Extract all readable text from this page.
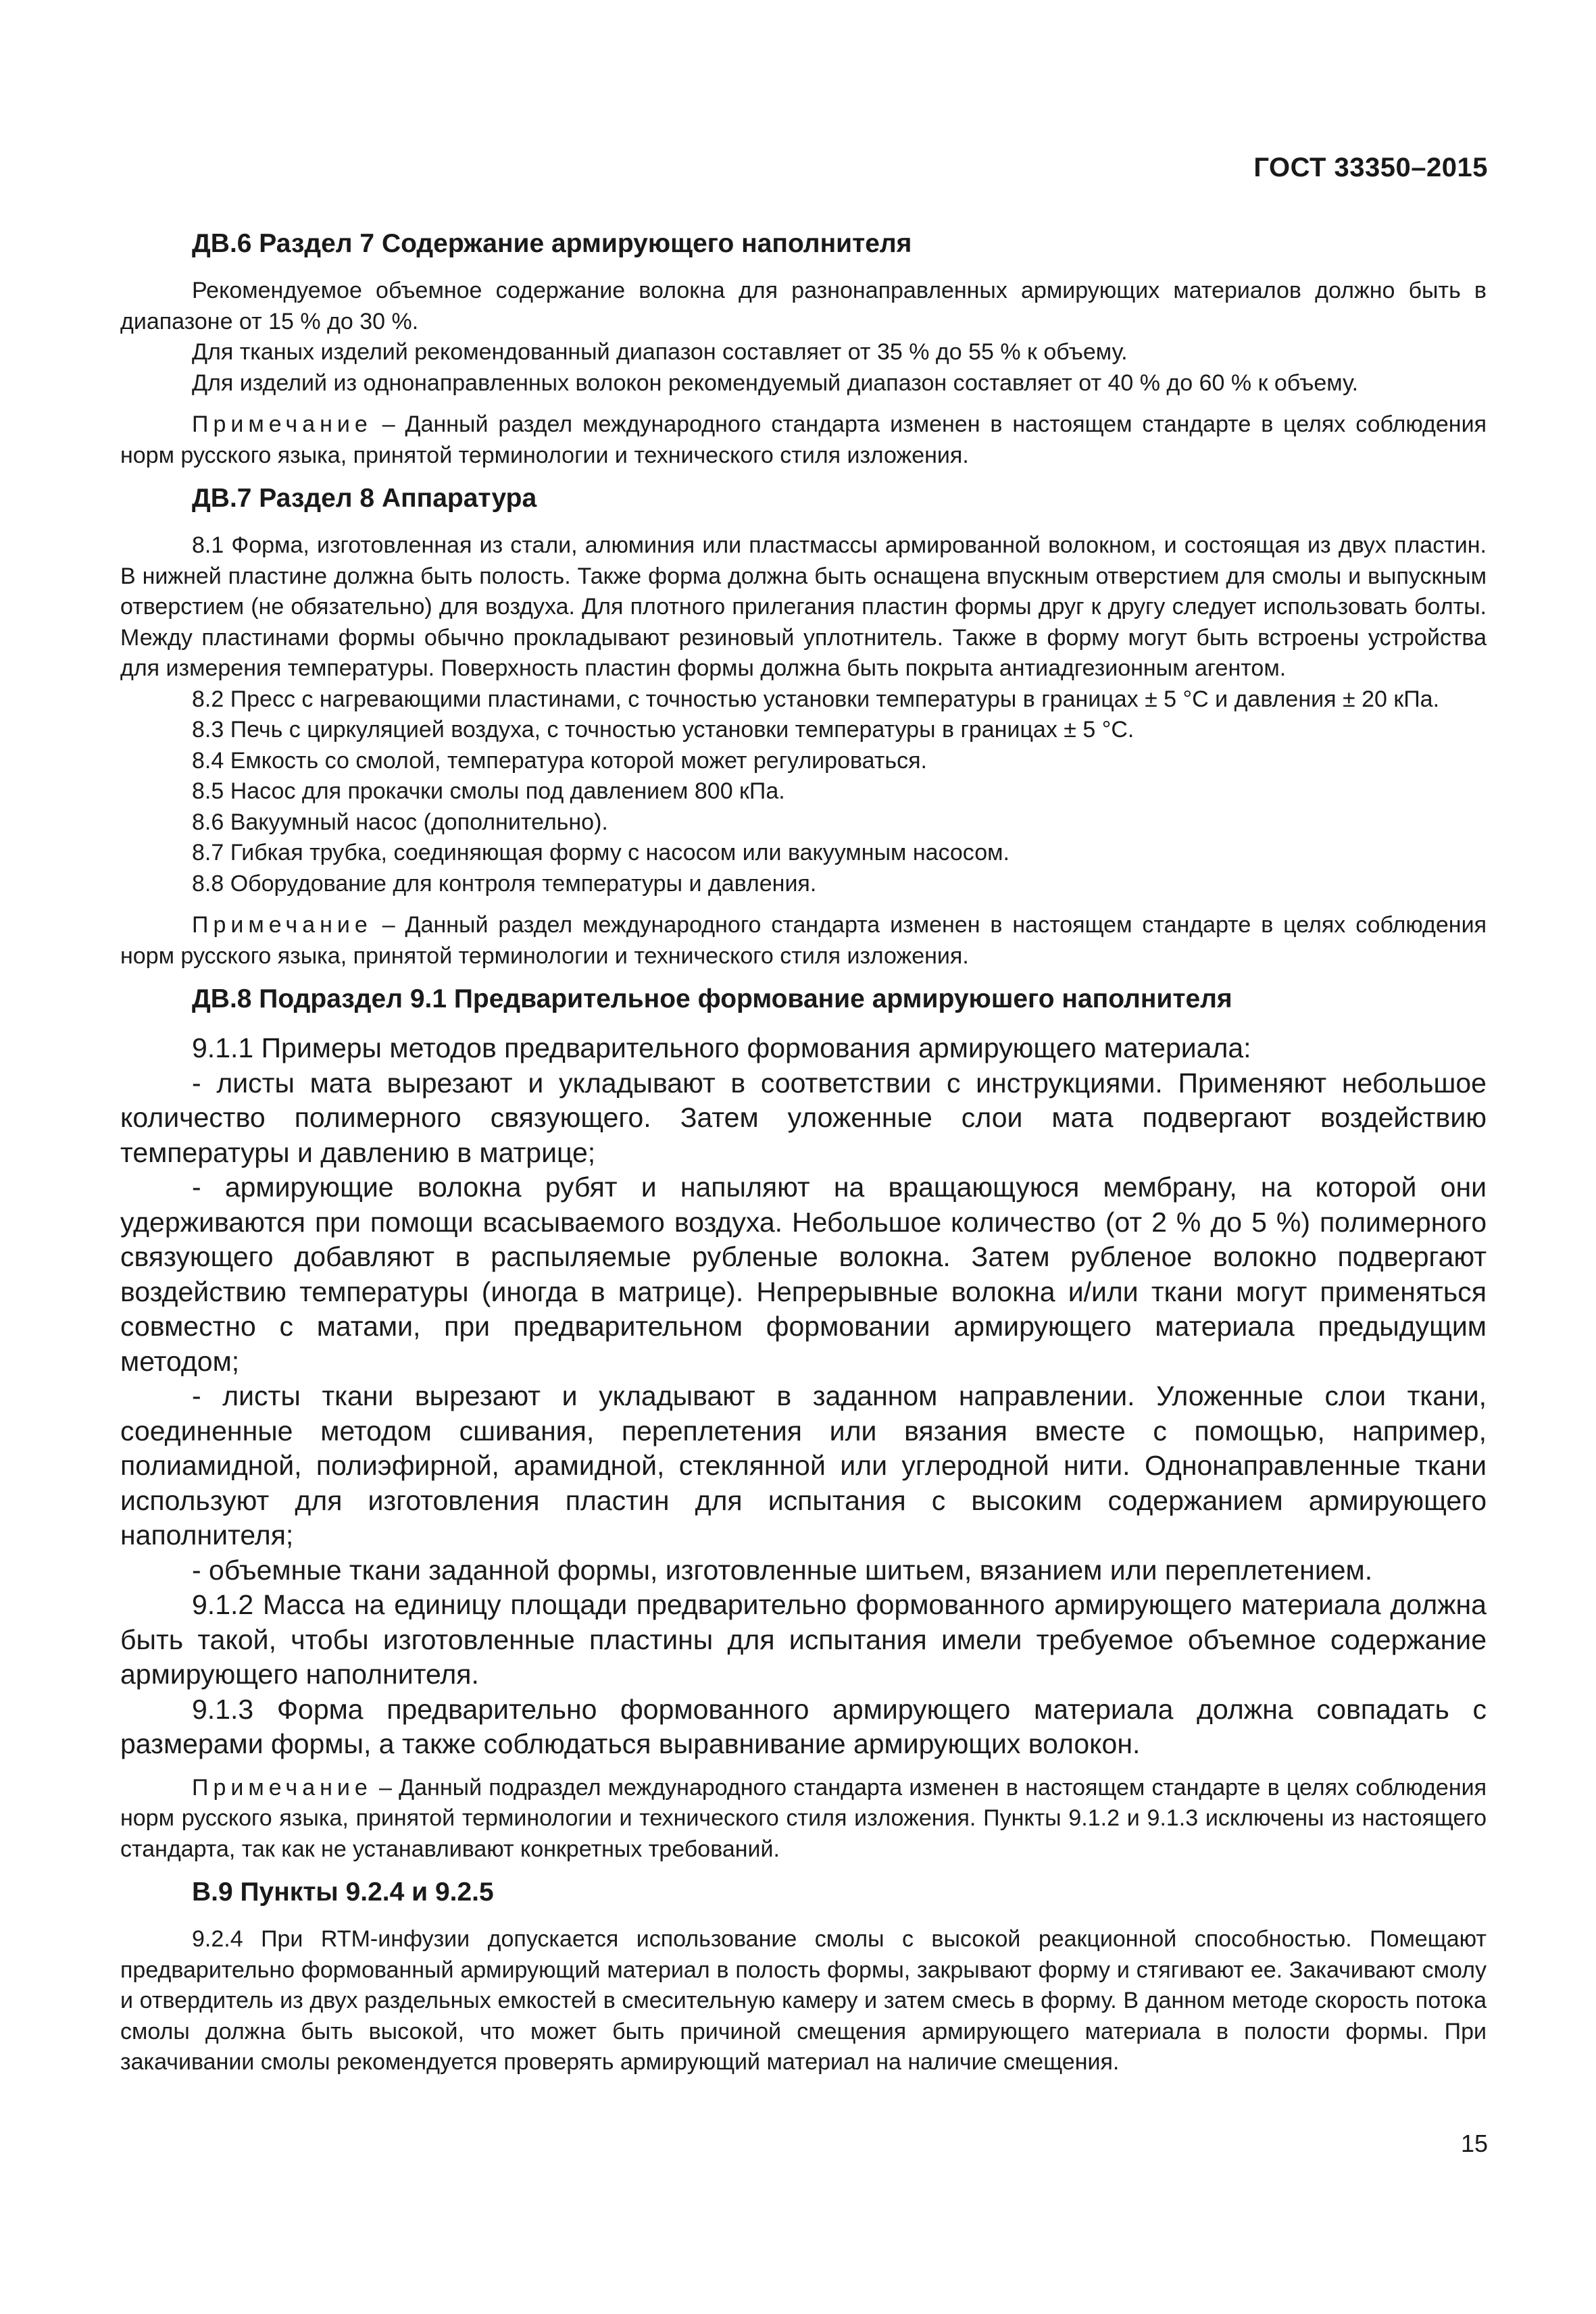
ГОСТ 33350–2015
ДВ.6 Раздел 7 Содержание армирующего наполнителя

Рекомендуемое объемное содержание волокна для разнонаправленных армирующих материалов должно быть в диапазоне от 15 % до 30 %.

Для тканых изделий рекомендованный диапазон составляет от 35 % до 55 % к объему.

Для изделий из однонаправленных волокон рекомендуемый диапазон составляет от 40 % до 60 % к объему.

Примечание – Данный раздел международного стандарта изменен в настоящем стандарте в целях соблюдения норм русского языка, принятой терминологии и технического стиля изложения.

ДВ.7 Раздел 8 Аппаратура

8.1 Форма, изготовленная из стали, алюминия или пластмассы армированной волокном, и состоящая из двух пластин. В нижней пластине должна быть полость. Также форма должна быть оснащена впускным отверстием для смолы и выпускным отверстием (не обязательно) для воздуха. Для плотного прилегания пластин формы друг к другу следует использовать болты. Между пластинами формы обычно прокладывают резиновый уплотнитель. Также в форму могут быть встроены устройства для измерения температуры. Поверхность пластин формы должна быть покрыта антиадгезионным агентом.

8.2 Пресс с нагревающими пластинами, с точностью установки температуры в границах ± 5 °С и давления ± 20 кПа.

8.3 Печь с циркуляцией воздуха, с точностью установки температуры в границах ± 5 °С.

8.4 Емкость со смолой, температура которой может регулироваться.

8.5 Насос для прокачки смолы под давлением 800 кПа.

8.6 Вакуумный насос (дополнительно).

8.7 Гибкая трубка, соединяющая форму с насосом или вакуумным насосом.

8.8 Оборудование для контроля температуры и давления.

Примечание – Данный раздел международного стандарта изменен в настоящем стандарте в целях соблюдения норм русского языка, принятой терминологии и технического стиля изложения.

ДВ.8 Подраздел 9.1 Предварительное формование армируюшего наполнителя

9.1.1 Примеры методов предварительного формования армирующего материала:

- листы мата вырезают и укладывают в соответствии с инструкциями. Применяют небольшое количество полимерного связующего. Затем уложенные слои мата подвергают воздействию температуры и давлению в матрице;

- армирующие волокна рубят и напыляют на вращающуюся мембрану, на которой они удерживаются при помощи всасываемого воздуха. Небольшое количество (от 2 % до 5 %) полимерного связующего добавляют в распыляемые рубленые волокна. Затем рубленое волокно подвергают воздействию температуры (иногда в матрице). Непрерывные волокна и/или ткани могут применяться совместно с матами, при предварительном формовании армирующего материала предыдущим методом;

- листы ткани вырезают и укладывают в заданном направлении. Уложенные слои ткани, соединенные методом сшивания, переплетения или вязания вместе с помощью, например, полиамидной, полиэфирной, арамидной, стеклянной или углеродной нити. Однонаправленные ткани используют для изготовления пластин для испытания с высоким содержанием армирующего наполнителя;

- объемные ткани заданной формы, изготовленные шитьем, вязанием или переплетением.

9.1.2 Масса на единицу площади предварительно формованного армирующего материала должна быть такой, чтобы изготовленные пластины для испытания имели требуемое объемное содержание армирующего наполнителя.

9.1.3 Форма предварительно формованного армирующего материала должна совпадать с размерами формы, а также соблюдаться выравнивание армирующих волокон.

Примечание – Данный подраздел международного стандарта изменен в настоящем стандарте в целях соблюдения норм русского языка, принятой терминологии и технического стиля изложения. Пункты 9.1.2 и 9.1.3 исключены из настоящего стандарта, так как не устанавливают конкретных требований.

В.9 Пункты 9.2.4 и 9.2.5

9.2.4 При RTM-инфузии допускается использование смолы с высокой реакционной способностью. Помещают предварительно формованный армирующий материал в полость формы, закрывают форму и стягивают ее. Закачивают смолу и отвердитель из двух раздельных емкостей в смесительную камеру и затем смесь в форму. В данном методе скорость потока смолы должна быть высокой, что может быть причиной смещения армирующего материала в полости формы. При закачивании смолы рекомендуется проверять армирующий материал на наличие смещения.

15
